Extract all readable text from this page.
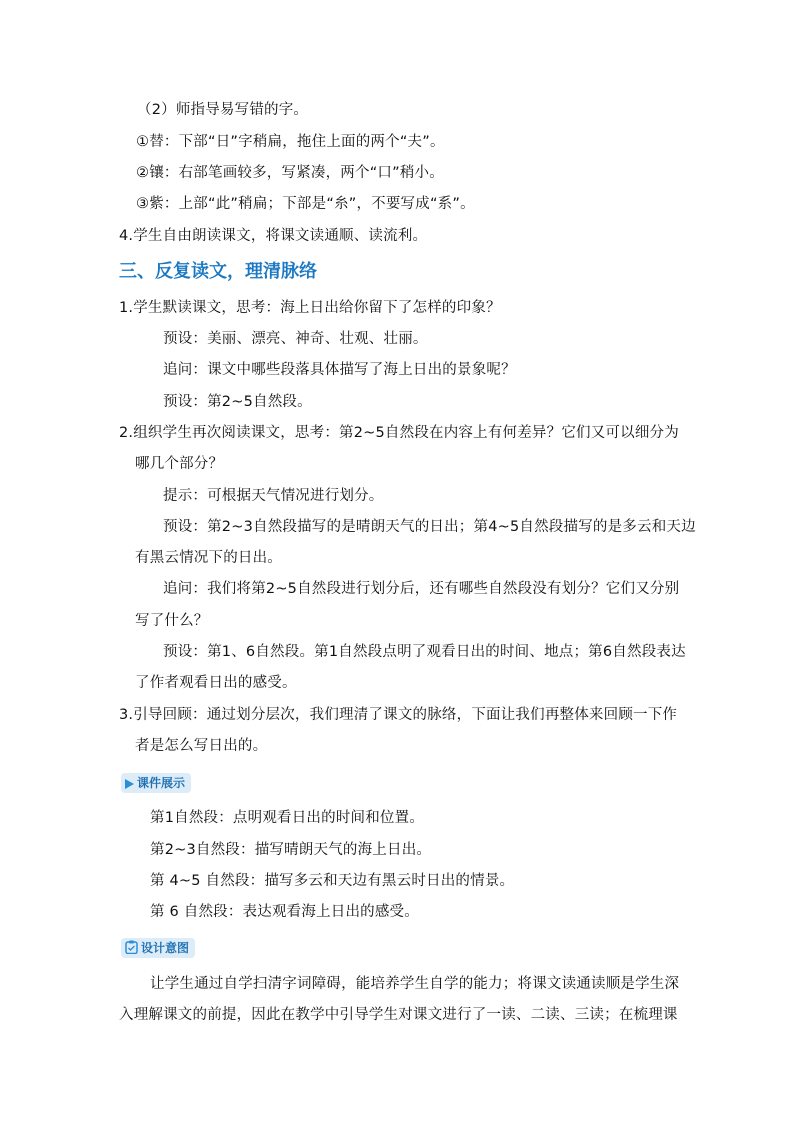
（2）师指导易写错的字。
①替：下部“日”字稍扁，拖住上面的两个“夫”。
②镶：右部笔画较多，写紧凑，两个“口”稍小。
③紫：上部“此”稍扁；下部是“糸”，不要写成“系”。
4.学生自由朗读课文，将课文读通顺、读流利。
三、反复读文，理清脉络
1.学生默读课文，思考：海上日出给你留下了怎样的印象？
预设：美丽、漂亮、神奇、壮观、壮丽。
追问：课文中哪些段落具体描写了海上日出的景象呢？
预设：第2~5自然段。
2.组织学生再次阅读课文，思考：第2~5自然段在内容上有何差异？它们又可以细分为
哪几个部分？
提示：可根据天气情况进行划分。
预设：第2~3自然段描写的是晴朗天气的日出；第4~5自然段描写的是多云和天边
有黑云情况下的日出。
追问：我们将第2~5自然段进行划分后，还有哪些自然段没有划分？它们又分别
写了什么？
预设：第1、6自然段。第1自然段点明了观看日出的时间、地点；第6自然段表达
了作者观看日出的感受。
3.引导回顾：通过划分层次，我们理清了课文的脉络，下面让我们再整体来回顾一下作
者是怎么写日出的。
课件展示
第1自然段：点明观看日出的时间和位置。
第2~3自然段：描写晴朗天气的海上日出。
第 4~5 自然段：描写多云和天边有黑云时日出的情景。
第 6 自然段：表达观看海上日出的感受。
设计意图
让学生通过自学扫清字词障碍，能培养学生自学的能力；将课文读通读顺是学生深
入理解课文的前提，因此在教学中引导学生对课文进行了一读、二读、三读；在梳理课
